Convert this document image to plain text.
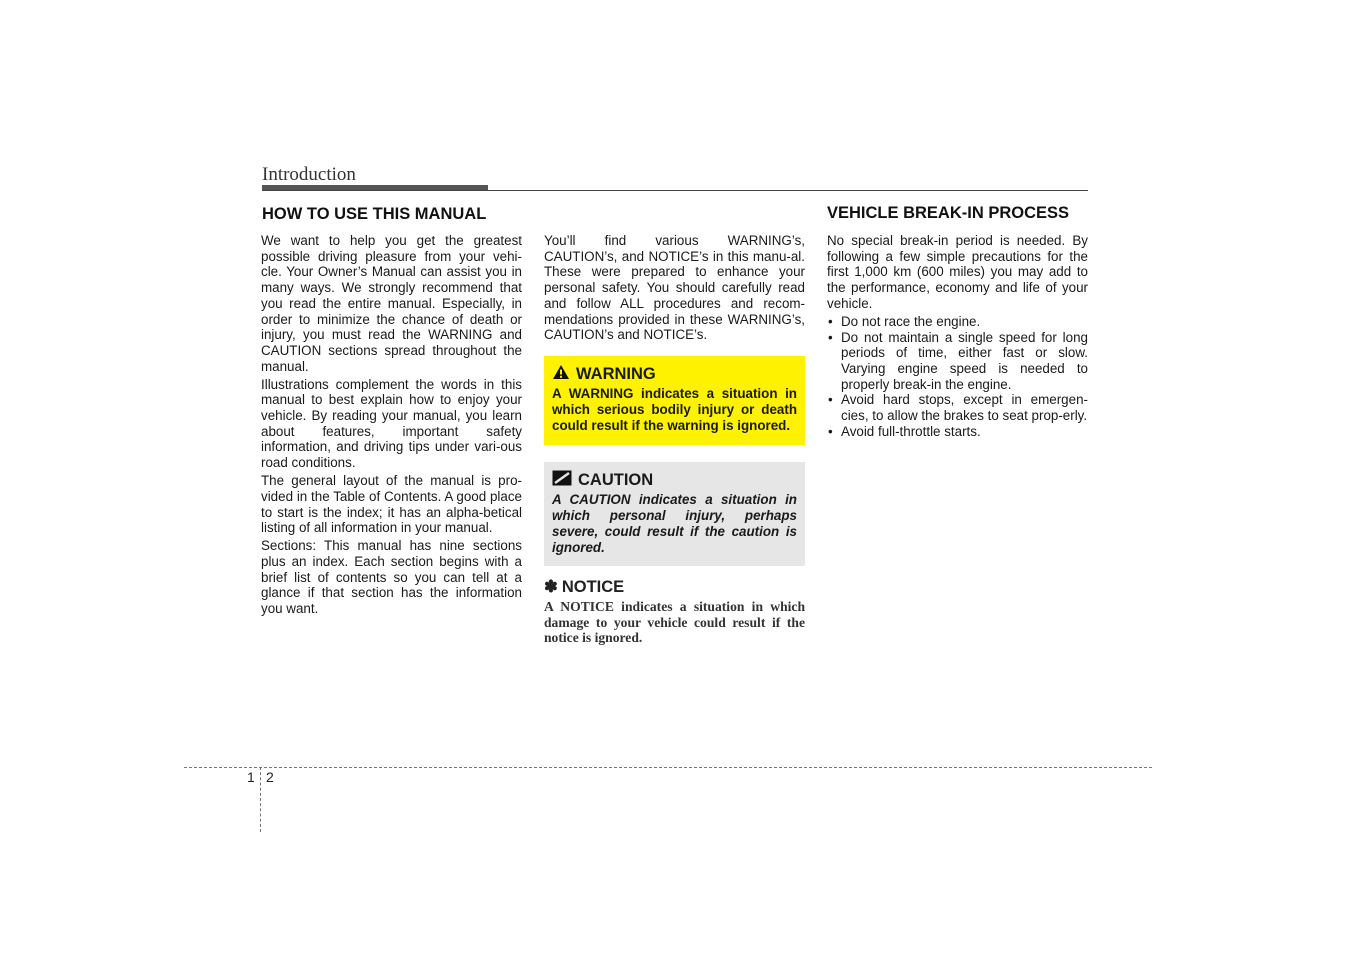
Introduction
HOW TO USE THIS MANUAL

We want to help you get the greatest possible driving pleasure from your vehi-cle. Your Owner’s Manual can assist you in many ways. We strongly recommend that you read the entire manual. Especially, in order to minimize the chance of death or injury, you must read the WARNING and CAUTION sections spread throughout the manual.

Illustrations complement the words in this manual to best explain how to enjoy your vehicle. By reading your manual, you learn about features, important safety information, and driving tips under vari-ous road conditions.

The general layout of the manual is pro-vided in the Table of Contents. A good place to start is the index; it has an alpha-betical listing of all information in your manual.

Sections: This manual has nine sections plus an index. Each section begins with a brief list of contents so you can tell at a glance if that section has the information you want.

You’ll find various WARNING’s, CAUTION’s, and NOTICE’s in this manu-al. These were prepared to enhance your personal safety. You should carefully read and follow ALL procedures and recom-mendations provided in these WARNING’s, CAUTION’s and NOTICE’s.

WARNING
A WARNING indicates a situation in which serious bodily injury or death could result if the warning is ignored.
CAUTION
A CAUTION indicates a situation in which personal injury, perhaps severe, could result if the caution is ignored.
✽ NOTICE
A NOTICE indicates a situation in which damage to your vehicle could result if the notice is ignored.
VEHICLE BREAK-IN PROCESS

No special break-in period is needed. By following a few simple precautions for the first 1,000 km (600 miles) you may add to the performance, economy and life of your vehicle.

• Do not race the engine.
• Do not maintain a single speed for long periods of time, either fast or slow. Varying engine speed is needed to properly break-in the engine.
• Avoid hard stops, except in emergen-cies, to allow the brakes to seat prop-erly.
• Avoid full-throttle starts.
1 2
